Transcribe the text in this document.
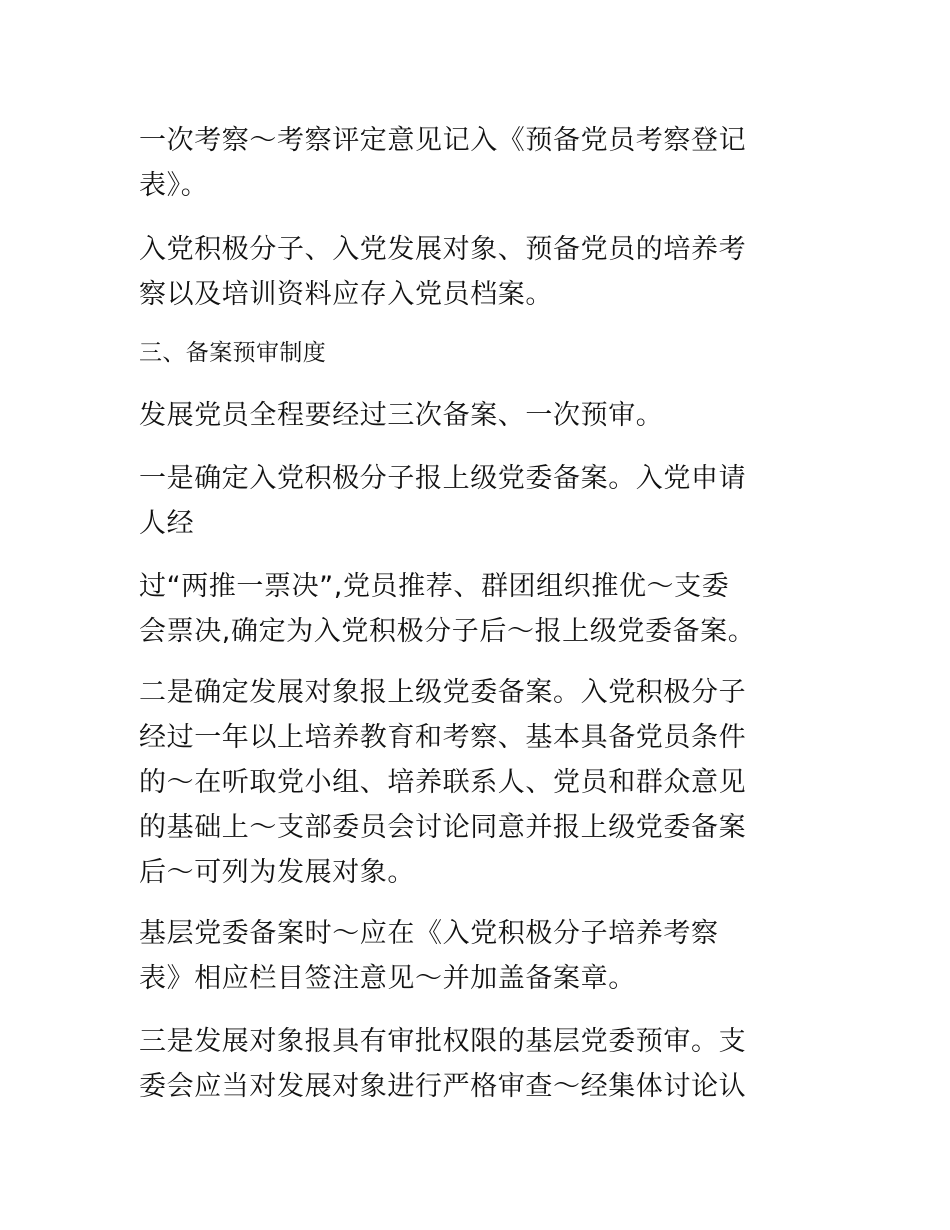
一次考察～考察评定意见记入《预备党员考察登记
表》。
入党积极分子、入党发展对象、预备党员的培养考
察以及培训资料应存入党员档案。
三、备案预审制度
发展党员全程要经过三次备案、一次预审。
一是确定入党积极分子报上级党委备案。入党申请
人经
过“两推一票决”,党员推荐、群团组织推优～支委
会票决,确定为入党积极分子后～报上级党委备案。
二是确定发展对象报上级党委备案。入党积极分子
经过一年以上培养教育和考察、基本具备党员条件
的～在听取党小组、培养联系人、党员和群众意见
的基础上～支部委员会讨论同意并报上级党委备案
后～可列为发展对象。
基层党委备案时～应在《入党积极分子培养考察
表》相应栏目签注意见～并加盖备案章。
三是发展对象报具有审批权限的基层党委预审。支
委会应当对发展对象进行严格审查～经集体讨论认
